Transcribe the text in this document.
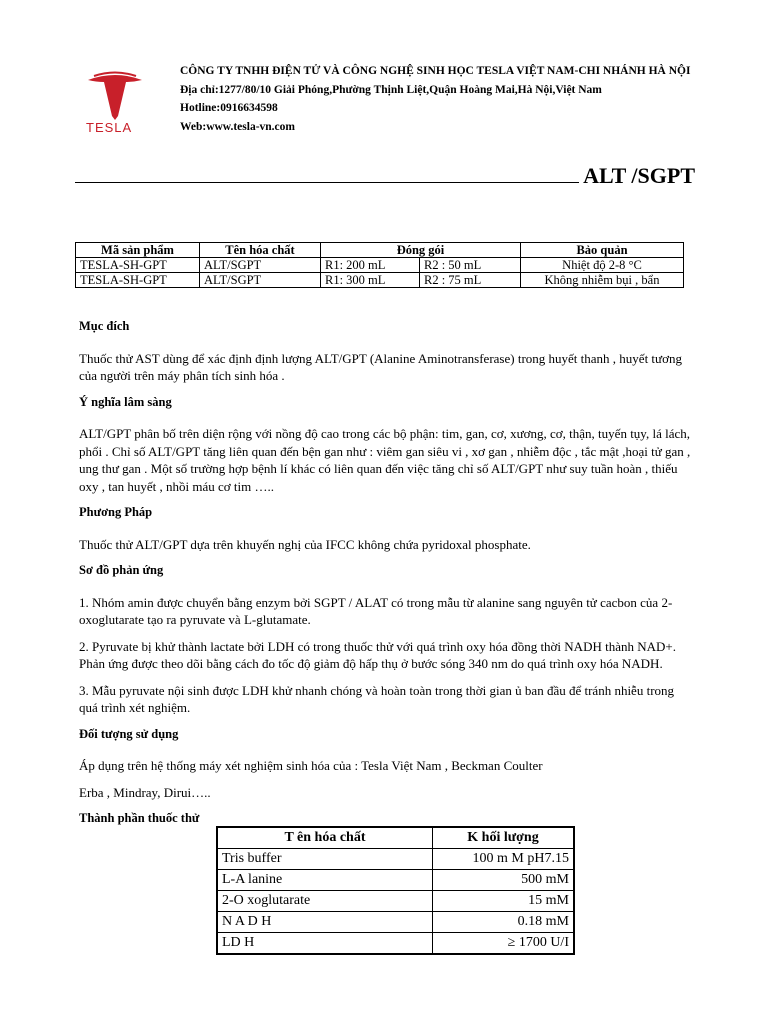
TESLA
CÔNG TY TNHH ĐIỆN TỬ VÀ CÔNG NGHỆ SINH HỌC TESLA VIỆT NAM-CHI NHÁNH HÀ NỘI
Địa chỉ:1277/80/10 Giải Phóng,Phường Thịnh Liệt,Quận Hoàng Mai,Hà Nội,Việt Nam
Hotline:0916634598
Web:www.tesla-vn.com
ALT /SGPT
Mã sản phẩm	Tên hóa chất	Đóng gói		Bảo quản
TESLA-SH-GPT	ALT/SGPT	R1: 200 mL	R2 : 50 mL	Nhiệt độ 2-8 °C
TESLA-SH-GPT	ALT/SGPT	R1: 300 mL	R2 : 75 mL	Không nhiễm bụi , bẩn
Mục đích

Thuốc thử AST dùng để xác định định lượng ALT/GPT (Alanine Aminotransferase) trong huyết thanh , huyết tương của người trên máy phân tích sinh hóa .

Ý nghĩa lâm sàng

ALT/GPT phân bố trên diện rộng với nồng độ cao trong các bộ phận: tim, gan, cơ, xương, cơ, thận, tuyến tụy, lá lách, phổi . Chỉ số ALT/GPT tăng liên quan đến bện gan như : viêm gan siêu vi , xơ gan , nhiễm độc , tắc mật ,hoại tử gan , ung thư gan . Một số trường hợp bệnh lí khác có liên quan đến việc tăng chỉ số ALT/GPT như suy tuần hoàn , thiếu oxy , tan huyết , nhồi máu cơ tim …..

Phương Pháp

Thuốc thử ALT/GPT dựa trên khuyến nghị của IFCC không chứa pyridoxal phosphate.

Sơ đồ phản ứng

1. Nhóm amin được chuyển bằng enzym bởi SGPT / ALAT có trong mẫu từ alanine sang nguyên tử cacbon của 2-oxoglutarate tạo ra pyruvate và L-glutamate.

2. Pyruvate bị khử thành lactate bởi LDH có trong thuốc thử với quá trình oxy hóa đồng thời NADH thành NAD+. Phản ứng được theo dõi bằng cách đo tốc độ giảm độ hấp thụ ở bước sóng 340 nm do quá trình oxy hóa NADH.

3. Mẫu pyruvate nội sinh được LDH khử nhanh chóng và hoàn toàn trong thời gian ủ ban đầu để tránh nhiễu trong quá trình xét nghiệm.

Đối tượng sử dụng

Áp dụng trên hệ thống máy xét nghiệm sinh hóa của : Tesla Việt Nam , Beckman Coulter

Erba , Mindray, Dirui…..

Thành phần thuốc thử
T ên hóa chất	K hối lượng
Tris buffer	100 m M pH7.15
L-A lanine	500 mM
2-O xoglutarate	15 mM
N A D H	0.18 mM
LD H	≥ 1700 U/I
